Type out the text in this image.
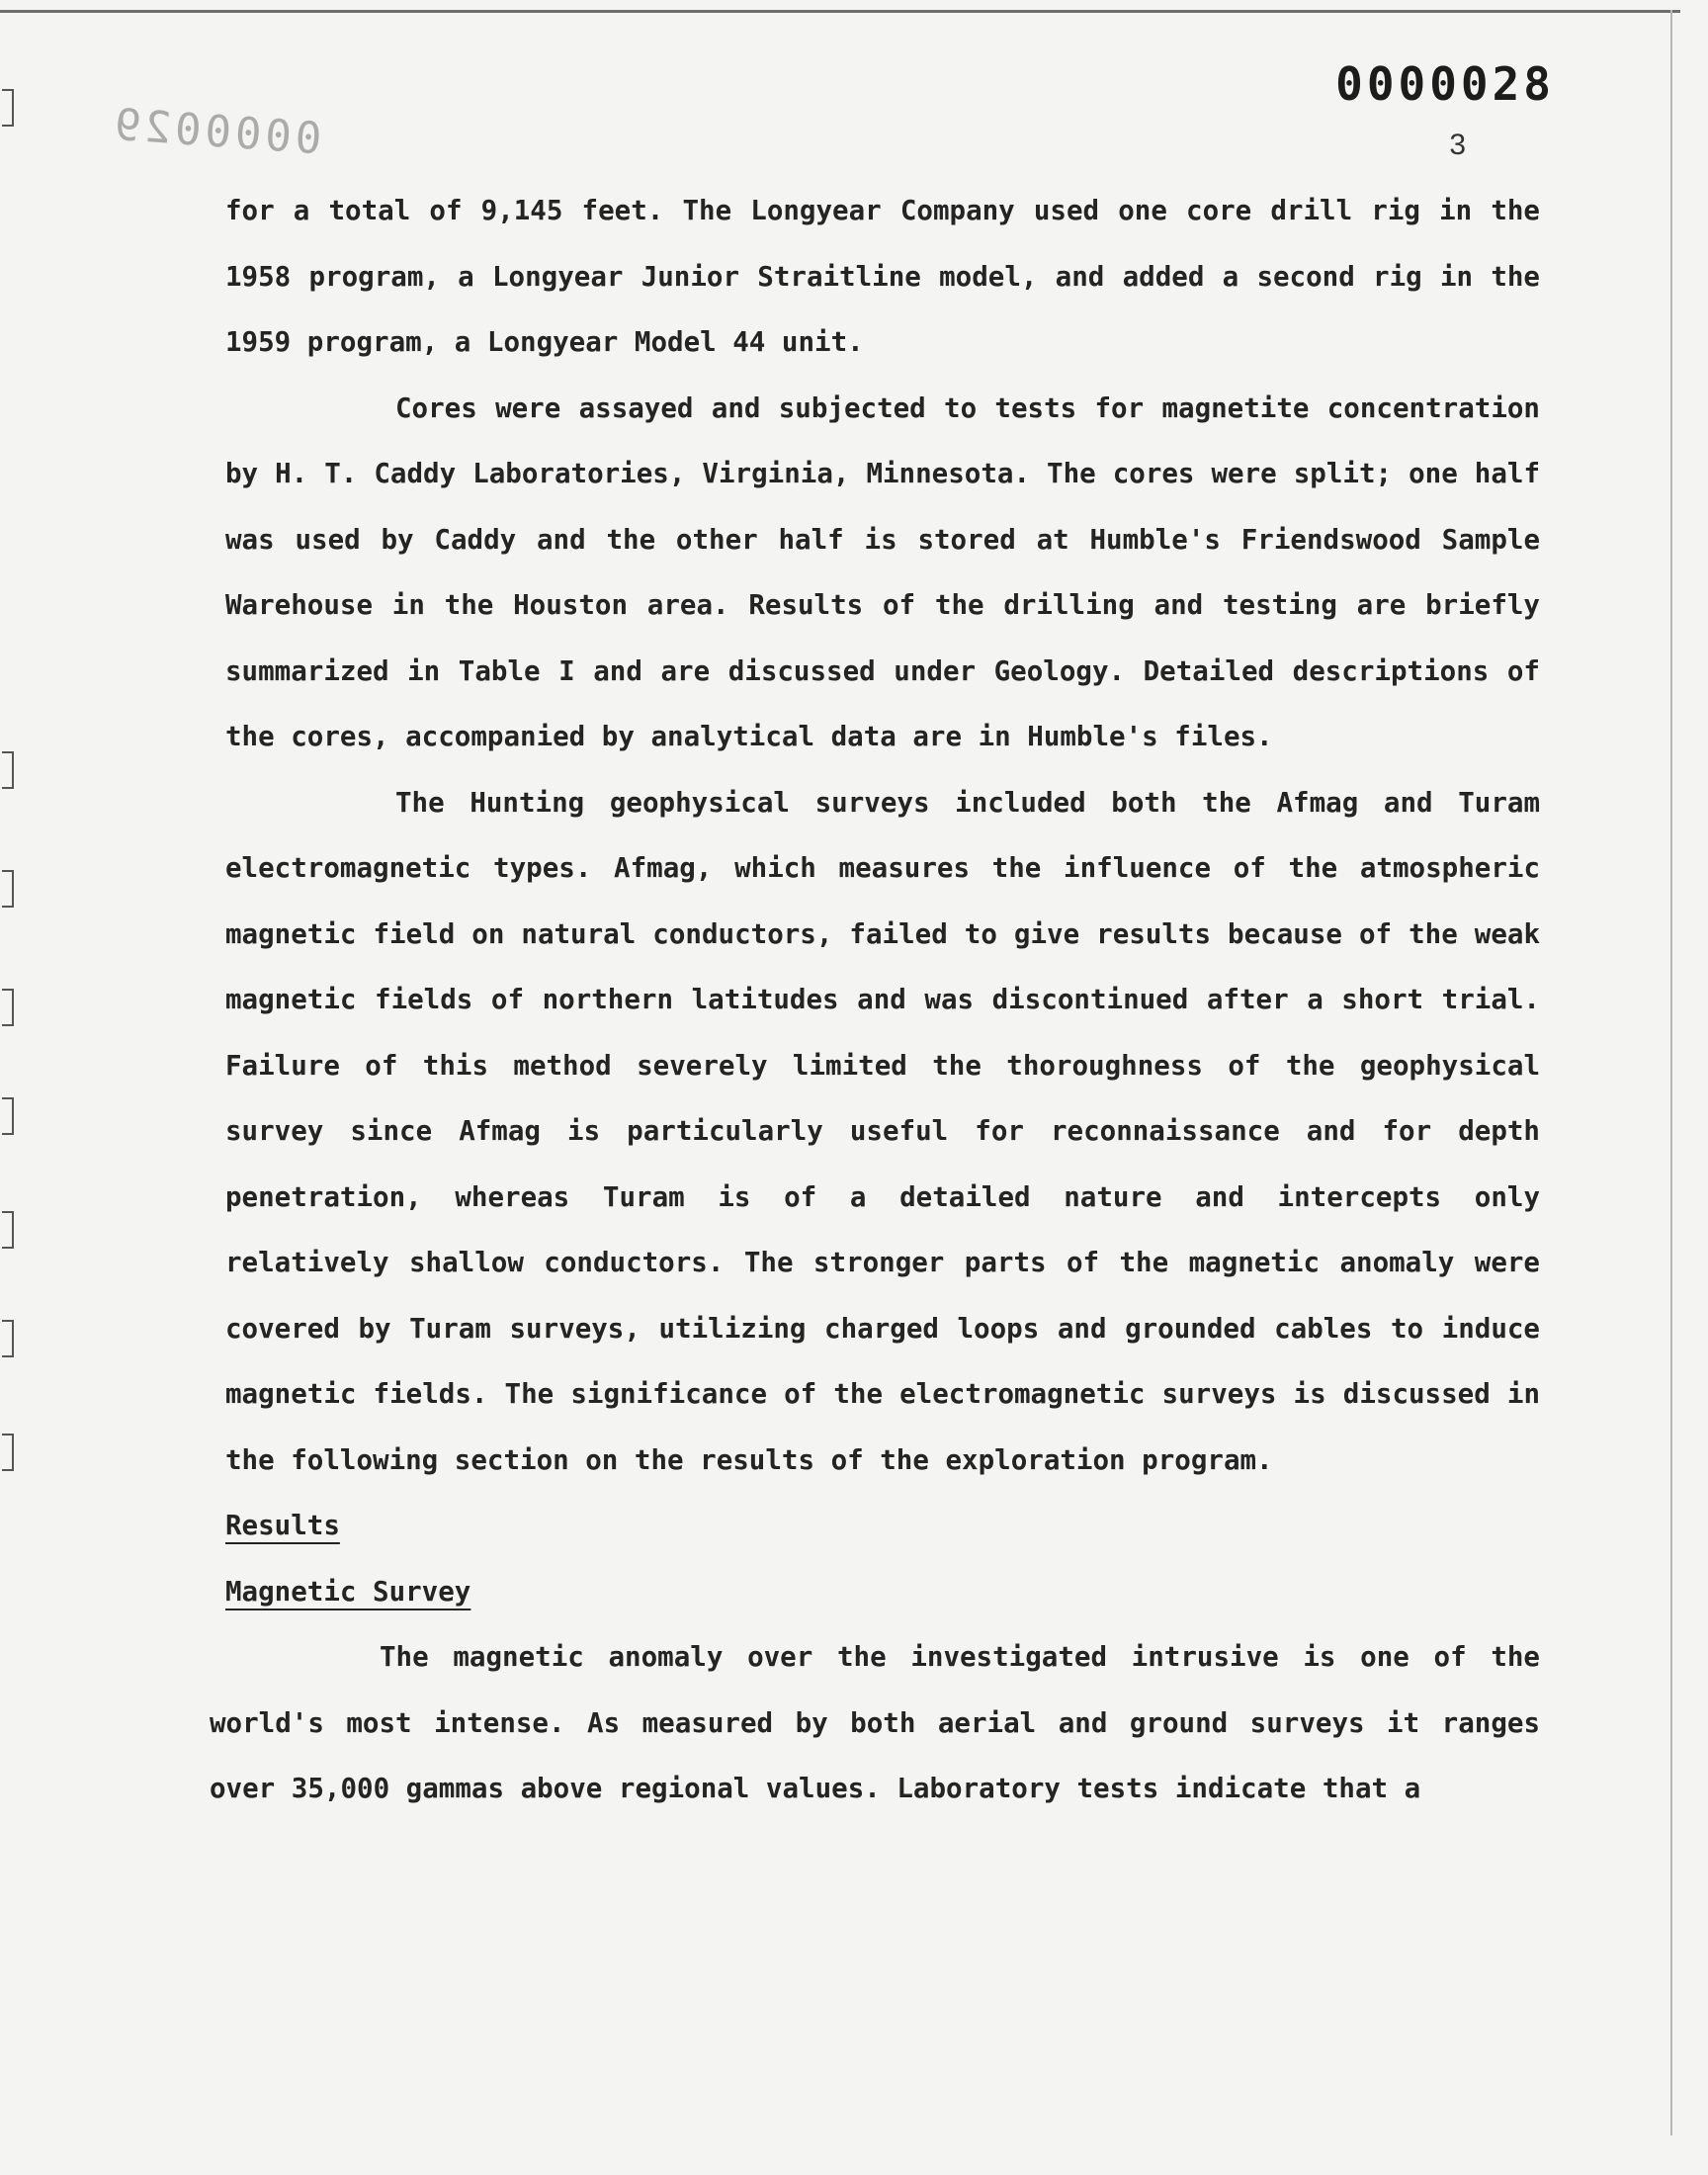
0000028
0000029	3

for a total of 9,145 feet. The Longyear Company used one core drill rig in the 1958 program, a Longyear Junior Straitline model, and added a second rig in the 1959 program, a Longyear Model 44 unit.

Cores were assayed and subjected to tests for magnetite concentration by H. T. Caddy Laboratories, Virginia, Minnesota. The cores were split; one half was used by Caddy and the other half is stored at Humble's Friendswood Sample Warehouse in the Houston area. Results of the drilling and testing are briefly summarized in Table I and are discussed under Geology. Detailed descriptions of the cores, accompanied by analytical data are in Humble's files.

The Hunting geophysical surveys included both the Afmag and Turam electromagnetic types. Afmag, which measures the influence of the atmospheric magnetic field on natural conductors, failed to give results because of the weak magnetic fields of northern latitudes and was discontinued after a short trial. Failure of this method severely limited the thoroughness of the geophysical survey since Afmag is particularly useful for reconnaissance and for depth penetration, whereas Turam is of a detailed nature and intercepts only relatively shallow conductors. The stronger parts of the magnetic anomaly were covered by Turam surveys, utilizing charged loops and grounded cables to induce magnetic fields. The significance of the electromagnetic surveys is discussed in the following section on the results of the exploration program.

Results

Magnetic Survey

The magnetic anomaly over the investigated intrusive is one of the world's most intense. As measured by both aerial and ground surveys it ranges over 35,000 gammas above regional values. Laboratory tests indicate that a
